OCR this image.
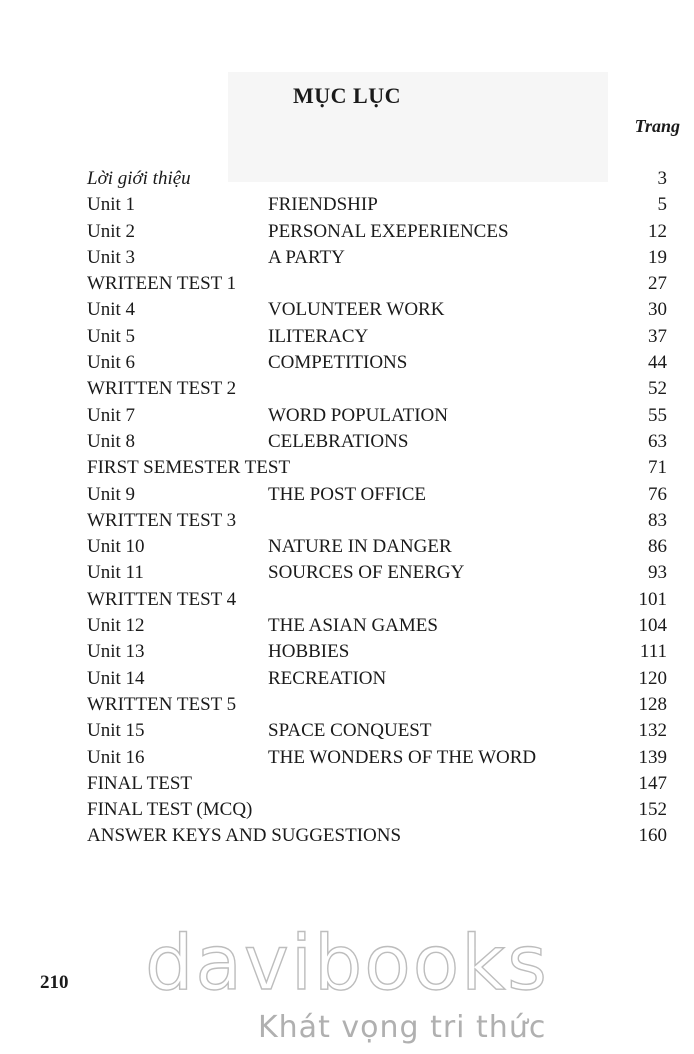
MỤC LỤC
Trang
Lời giới thiệu	3
Unit 1	FRIENDSHIP	5
Unit 2	PERSONAL EXEPERIENCES	12
Unit 3	A PARTY	19
WRITEEN TEST 1	27
Unit 4	VOLUNTEER WORK	30
Unit 5	ILITERACY	37
Unit 6	COMPETITIONS	44
WRITTEN TEST 2	52
Unit 7	WORD POPULATION	55
Unit 8	CELEBRATIONS	63
FIRST SEMESTER TEST	71
Unit 9	THE POST OFFICE	76
WRITTEN TEST 3	83
Unit 10	NATURE IN DANGER	86
Unit 11	SOURCES OF ENERGY	93
WRITTEN TEST 4	101
Unit 12	THE ASIAN GAMES	104
Unit 13	HOBBIES	111
Unit 14	RECREATION	120
WRITTEN TEST 5	128
Unit 15	SPACE CONQUEST	132
Unit 16	THE WONDERS OF THE WORD	139
FINAL TEST	147
FINAL TEST (MCQ)	152
ANSWER KEYS AND SUGGESTIONS	160
210	davibooks
Khát vọng tri thức
